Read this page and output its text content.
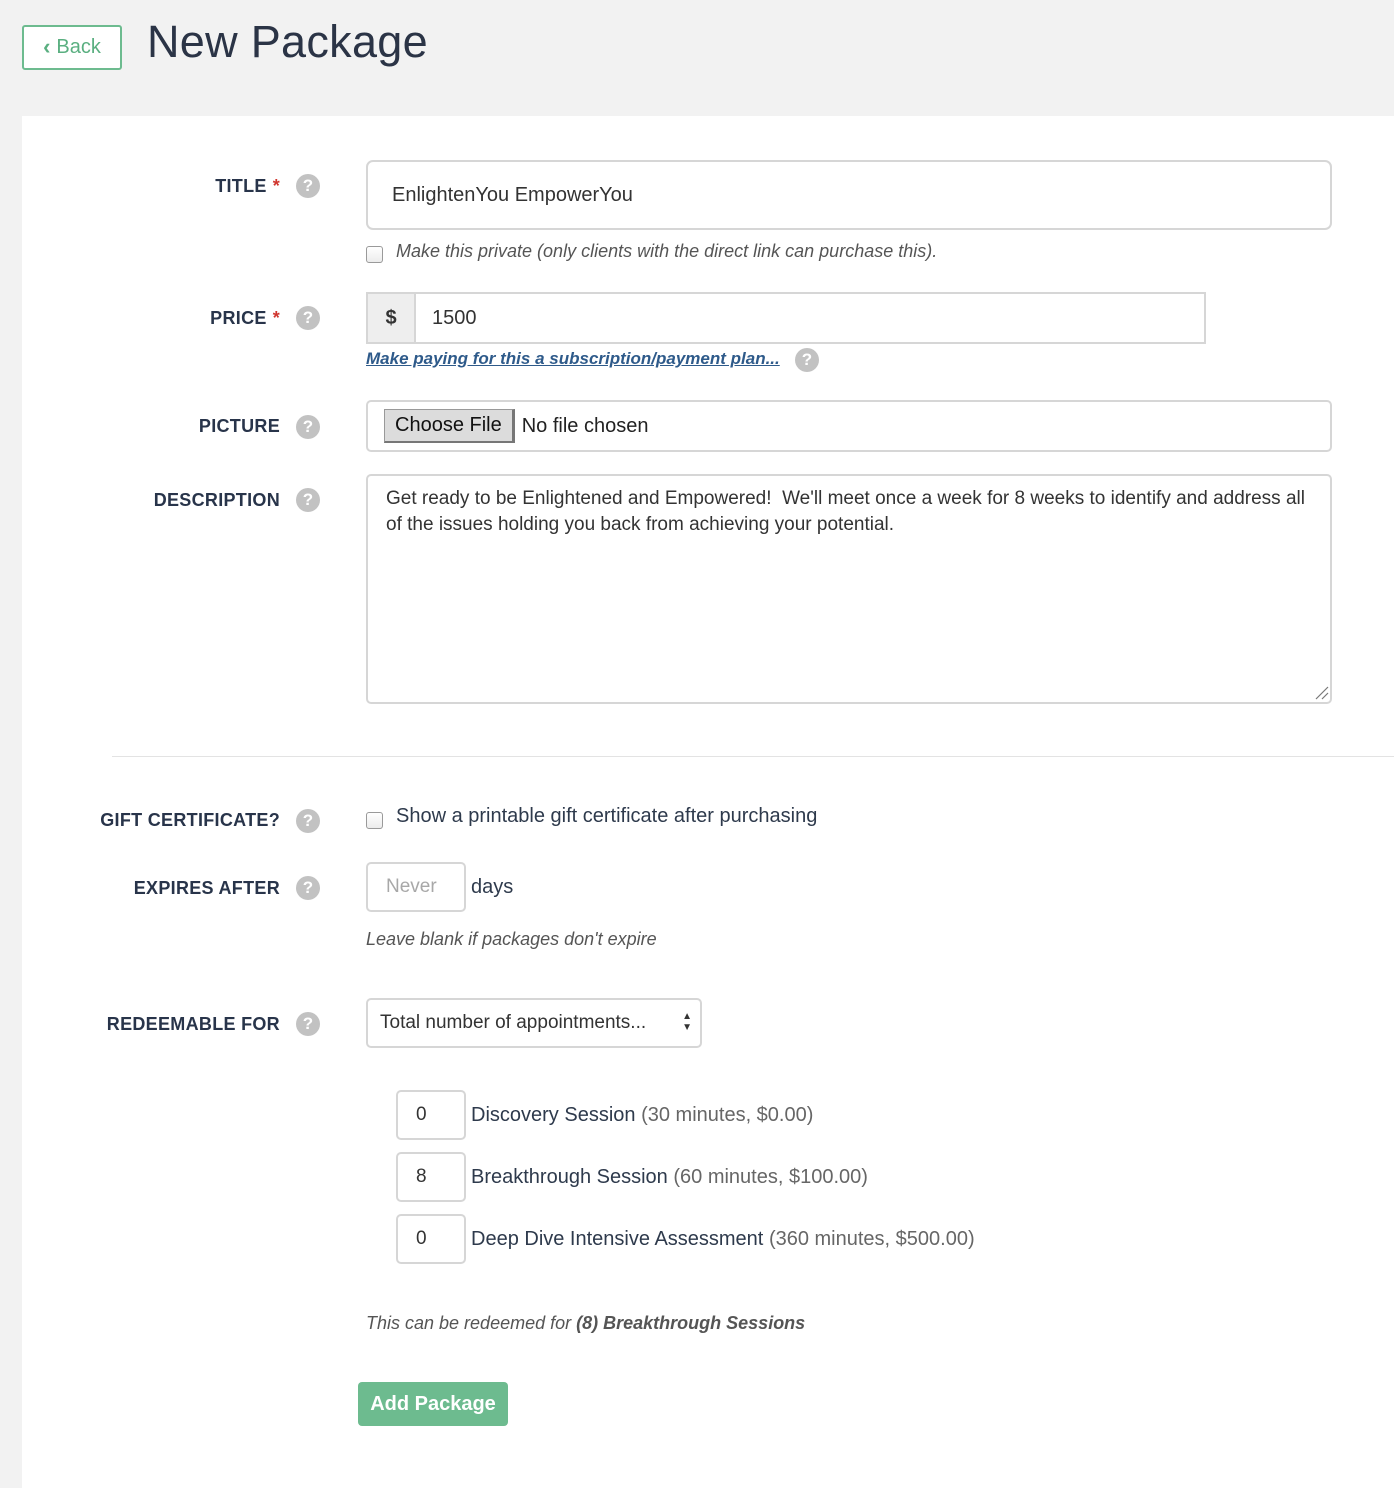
‹ Back New Package
TITLE *	?
EnlightenYou EmpowerYou
Make this private (only clients with the direct link can purchase this).
PRICE *	?	$
1500
Make paying for this a subscription/payment plan...	?
PICTURE	?	Choose File	No file chosen
DESCRIPTION	?
Get ready to be Enlightened and Empowered! We'll meet once a week for 8 weeks to identify and address all of the issues holding you back from achieving your potential.
GIFT CERTIFICATE?	?	Show a printable gift certificate after purchasing
EXPIRES AFTER	?
Never	days
Leave blank if packages don't expire
REDEEMABLE FOR	?	Total number of appointments...	▲
▼
0
Discovery Session (30 minutes, $0.00)
8
Breakthrough Session (60 minutes, $100.00)
0
Deep Dive Intensive Assessment (360 minutes, $500.00)
This can be redeemed for (8) Breakthrough Sessions
Add Package
